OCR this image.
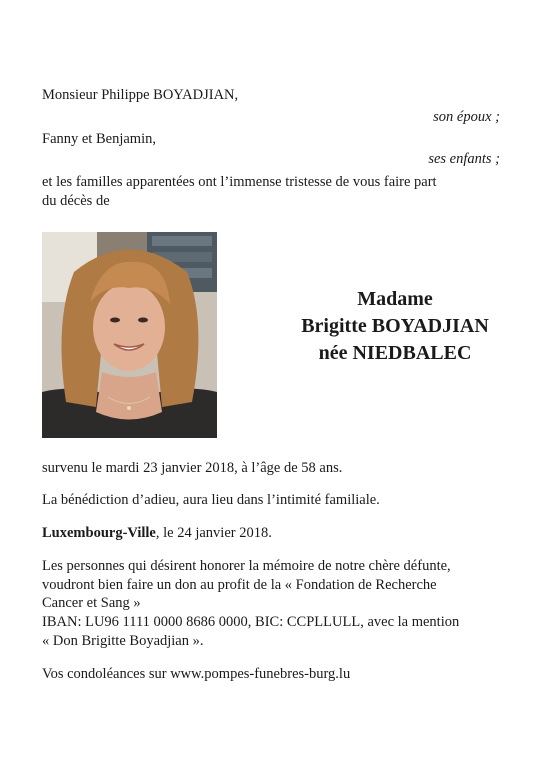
Monsieur Philippe BOYADJIAN,
son époux ;
Fanny et Benjamin,
ses enfants ;
et les familles apparentées ont l’immense tristesse de vous faire part
du décès de
Madame
Brigitte BOYADJIAN
née NIEDBALEC
survenu le mardi 23 janvier 2018, à l’âge de 58 ans.
La bénédiction d’adieu, aura lieu dans l’intimité familiale.
Luxembourg-Ville, le 24 janvier 2018.
Les personnes qui désirent honorer la mémoire de notre chère défunte,
voudront bien faire un don au profit de la « Fondation de Recherche
Cancer et Sang »
IBAN: LU96 1111 0000 8686 0000, BIC: CCPLLULL, avec la mention
« Don Brigitte Boyadjian ».
Vos condoléances sur www.pompes-funebres-burg.lu
